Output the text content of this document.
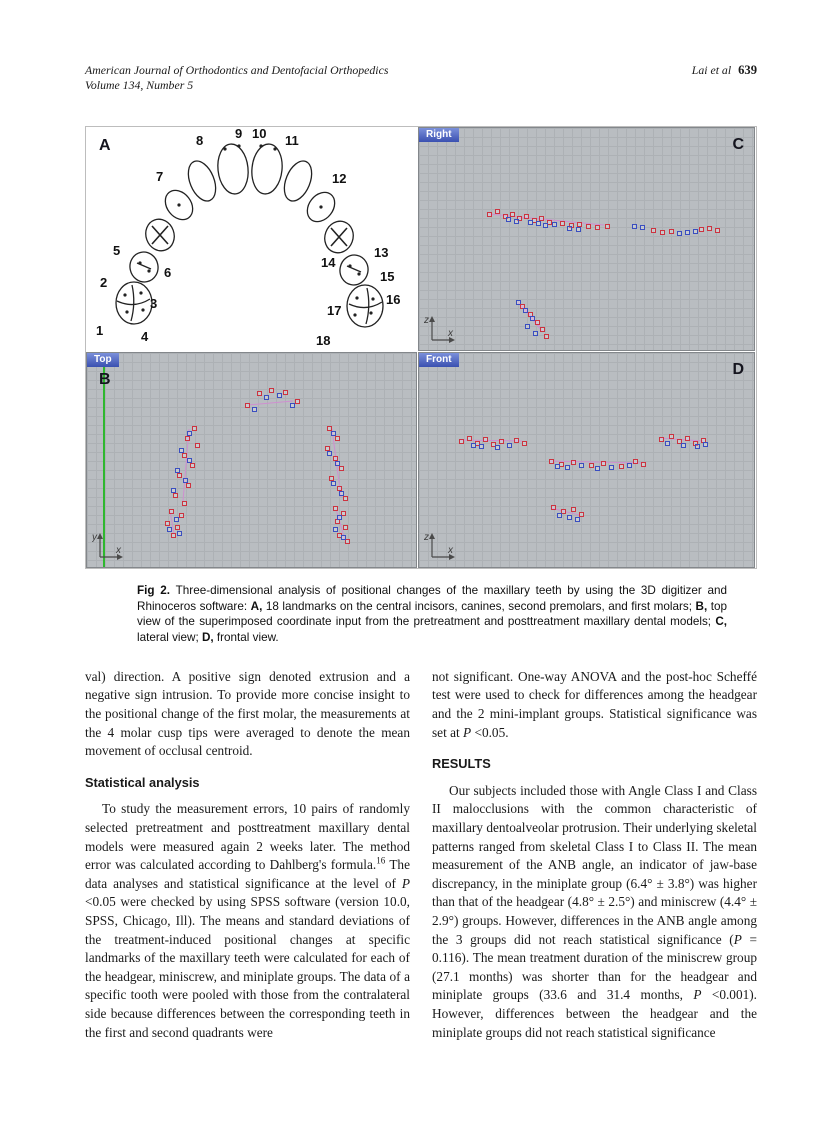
American Journal of Orthodontics and Dentofacial Orthopedics
Volume 134, Number 5
Lai et al 639
1
2
3
4
5
6
7
8 9 10 11
12
13
14
15
16
17
18
A
Right
C
z
x
Top
B
y
x
Front
D
z
x

Fig 2. Three-dimensional analysis of positional changes of the maxillary teeth by using the 3D digitizer and Rhinoceros software: A, 18 landmarks on the central incisors, canines, second premolars, and first molars; B, top view of the superimposed coordinate input from the pretreatment and posttreatment maxillary dental models; C, lateral view; D, frontal view.

val) direction. A positive sign denoted extrusion and a negative sign intrusion. To provide more concise insight to the positional change of the first molar, the measurements at the 4 molar cusp tips were averaged to denote the mean movement of occlusal centroid.

Statistical analysis

To study the measurement errors, 10 pairs of randomly selected pretreatment and posttreatment maxillary dental models were measured again 2 weeks later. The method error was calculated according to Dahlberg's formula.$^{16}$ The data analyses and statistical significance at the level of P <0.05 were checked by using SPSS software (version 10.0, SPSS, Chicago, Ill). The means and standard deviations of the treatment-induced positional changes at specific landmarks of the maxillary teeth were calculated for each of the headgear, miniscrew, and miniplate groups. The data of a specific tooth were pooled with those from the contralateral side because differences between the corresponding teeth in the first and second quadrants were

not significant. One-way ANOVA and the post-hoc Scheffé test were used to check for differences among the headgear and the 2 mini-implant groups. Statistical significance was set at P <0.05.

RESULTS

Our subjects included those with Angle Class I and Class II malocclusions with the common characteristic of maxillary dentoalveolar protrusion. Their underlying skeletal patterns ranged from skeletal Class I to Class II. The mean measurement of the ANB angle, an indicator of jaw-base discrepancy, in the miniplate group (6.4° ± 3.8°) was higher than that of the headgear (4.8° ± 2.5°) and miniscrew (4.4° ± 2.9°) groups. However, differences in the ANB angle among the 3 groups did not reach statistical significance (P = 0.116). The mean treatment duration of the miniscrew group (27.1 months) was shorter than for the headgear and miniplate groups (33.6 and 31.4 months, P <0.001). However, differences between the headgear and the miniplate groups did not reach statistical significance
